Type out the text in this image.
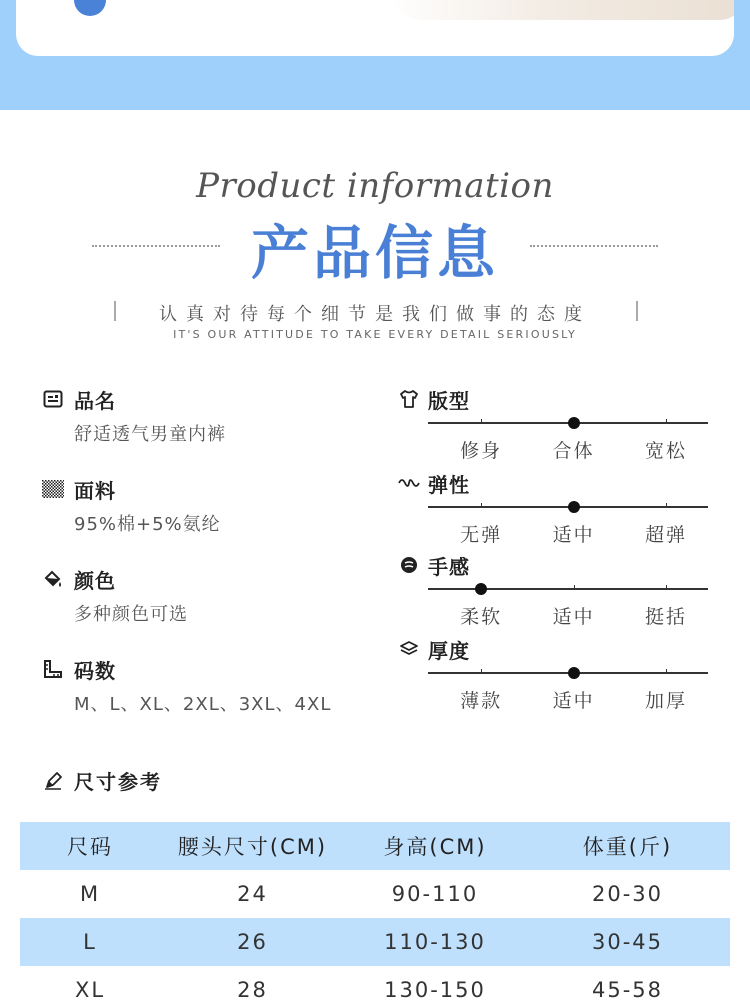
Product information
产品信息
认真对待每个细节是我们做事的态度
IT'S OUR ATTITUDE TO TAKE EVERY DETAIL SERIOUSLY
品名
舒适透气男童内裤
面料
95%棉+5%氨纶
颜色
多种颜色可选
码数
M、L、XL、2XL、3XL、4XL
版型
修身	合体	宽松
弹性
无弹	适中	超弹
手感
柔软	适中	挺括
厚度
薄款	适中	加厚
尺寸参考
尺码	腰头尺寸(CM)	身高(CM)	体重(斤)
M	24	90-110	20-30
L	26	110-130	30-45
XL	28	130-150	45-58
